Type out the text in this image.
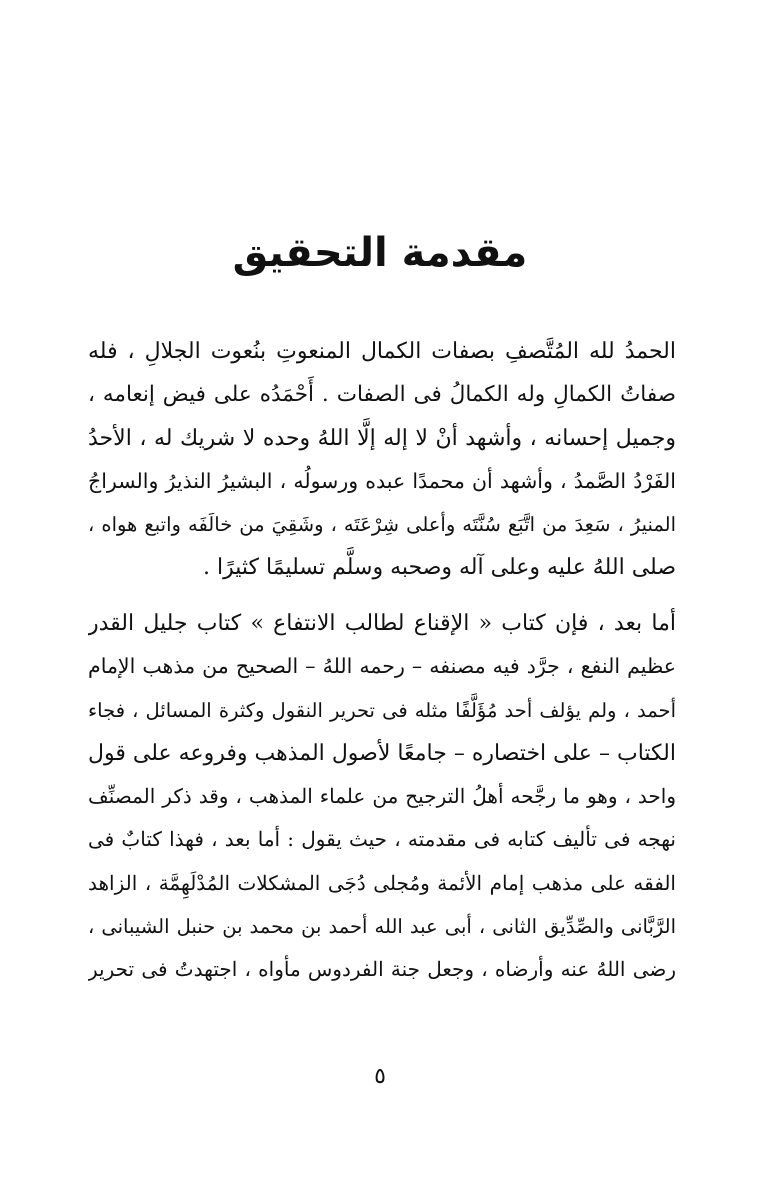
مقدمة التحقيق
الحمدُ لله المُتَّصفِ بصفات الكمال المنعوتِ بنُعوت الجلالِ ، فله
صفاتُ الكمالِ وله الكمالُ فى الصفات . أَحْمَدُه على فيض إنعامه ،
وجميل إحسانه ، وأشهد أنْ لا إله إلَّا اللهُ وحده لا شريك له ، الأحدُ
الفَرْدُ الصَّمدُ ، وأشهد أن محمدًا عبده ورسولُه ، البشيرُ النذيرُ والسراجُ
المنيرُ ، سَعِدَ من اتَّبَع سُنَّتَه وأعلى شِرْعَتَه ، وشَقِيَ من خالَفَه واتبع هواه ،
صلى اللهُ عليه وعلى آله وصحبه وسلَّم تسليمًا كثيرًا .
أما بعد ، فإن كتاب « الإقناع لطالب الانتفاع » كتاب جليل القدر
عظيم النفع ، جرَّد فيه مصنفه – رحمه اللهُ – الصحيح من مذهب الإمام
أحمد ، ولم يؤلف أحد مُؤَلَّفًا مثله فى تحرير النقول وكثرة المسائل ، فجاء
الكتاب – على اختصاره – جامعًا لأصول المذهب وفروعه على قول
واحد ، وهو ما رجَّحه أهلُ الترجيح من علماء المذهب ، وقد ذكر المصنِّف
نهجه فى تأليف كتابه فى مقدمته ، حيث يقول : أما بعد ، فهذا كتابٌ فى
الفقه على مذهب إمام الأئمة ومُجلى دُجَى المشكلات المُدْلَهِمَّة ، الزاهد
الرَّبَّانى والصِّدِّيق الثانى ، أبى عبد الله أحمد بن محمد بن حنبل الشيبانى ،
رضى اللهُ عنه وأرضاه ، وجعل جنة الفردوس مأواه ، اجتهدتُ فى تحرير
٥
